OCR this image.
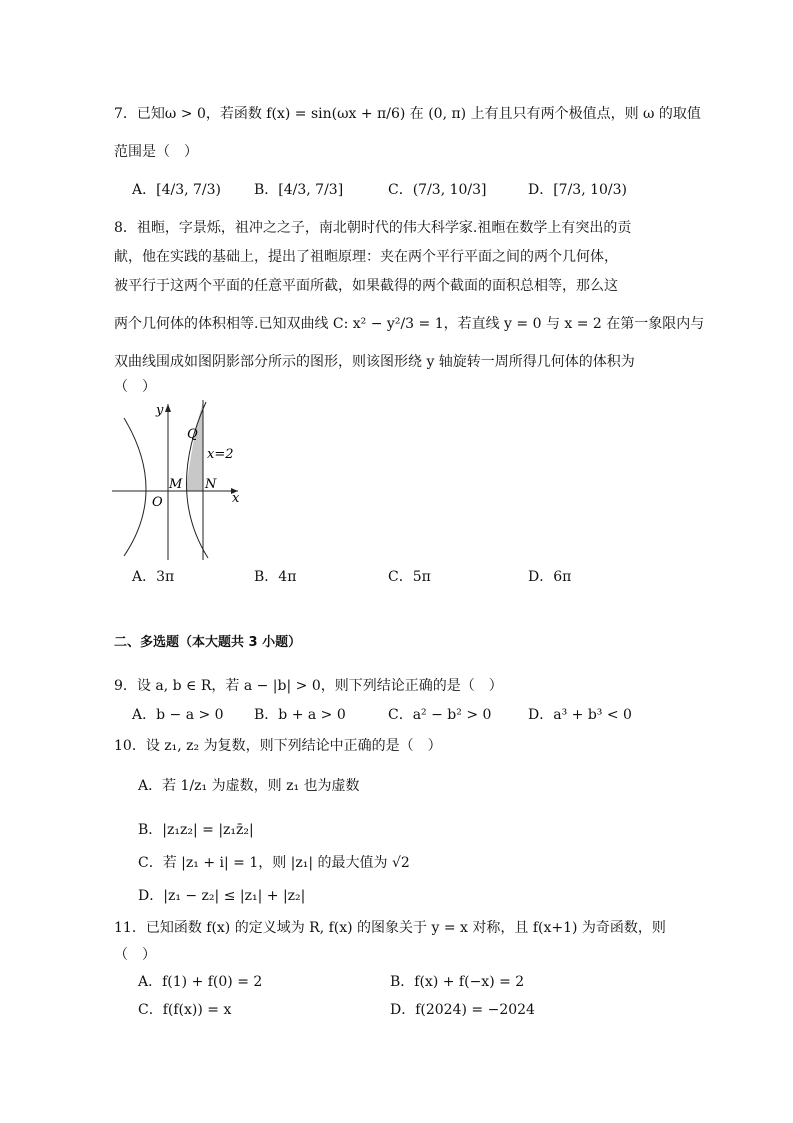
7．已知ω > 0，若函数 f(x) = sin(ωx + π/6) 在 (0, π) 上有且只有两个极值点，则 ω 的取值
范围是（　）
A．[4/3, 7/3) B．[4/3, 7/3]	C．(7/3, 10/3]	D．[7/3, 10/3)
8．祖暅，字景烁，祖冲之之子，南北朝时代的伟大科学家.祖暅在数学上有突出的贡
献，他在实践的基础上，提出了祖暅原理：夹在两个平行平面之间的两个几何体，
被平行于这两个平面的任意平面所截，如果截得的两个截面的面积总相等，那么这
两个几何体的体积相等.已知双曲线 C: x² − y²/3 = 1，若直线 y = 0 与 x = 2 在第一象限内与
双曲线围成如图阴影部分所示的图形，则该图形绕 y 轴旋转一周所得几何体的体积为
（　）
y
Q
x=2
M N
O	x
A．3π	B．4π	C．5π	D．6π
二、多选题（本大题共 3 小题）
9．设 a, b ∈ R，若 a − |b| > 0，则下列结论正确的是（　）
A．b − a > 0 B．b + a > 0	C．a² − b² > 0	D．a³ + b³ < 0
10．设 z₁, z₂ 为复数，则下列结论中正确的是（　）
A．若 1/z₁ 为虚数，则 z₁ 也为虚数
B．|z₁z₂| = |z₁z̄₂|
C．若 |z₁ + i| = 1，则 |z₁| 的最大值为 √2
D．|z₁ − z₂| ≤ |z₁| + |z₂|
11．已知函数 f(x) 的定义域为 R, f(x) 的图象关于 y = x 对称，且 f(x+1) 为奇函数，则
（　）
A．f(1) + f(0) = 2	B．f(x) + f(−x) = 2
C．f(f(x)) = x	D．f(2024) = −2024
